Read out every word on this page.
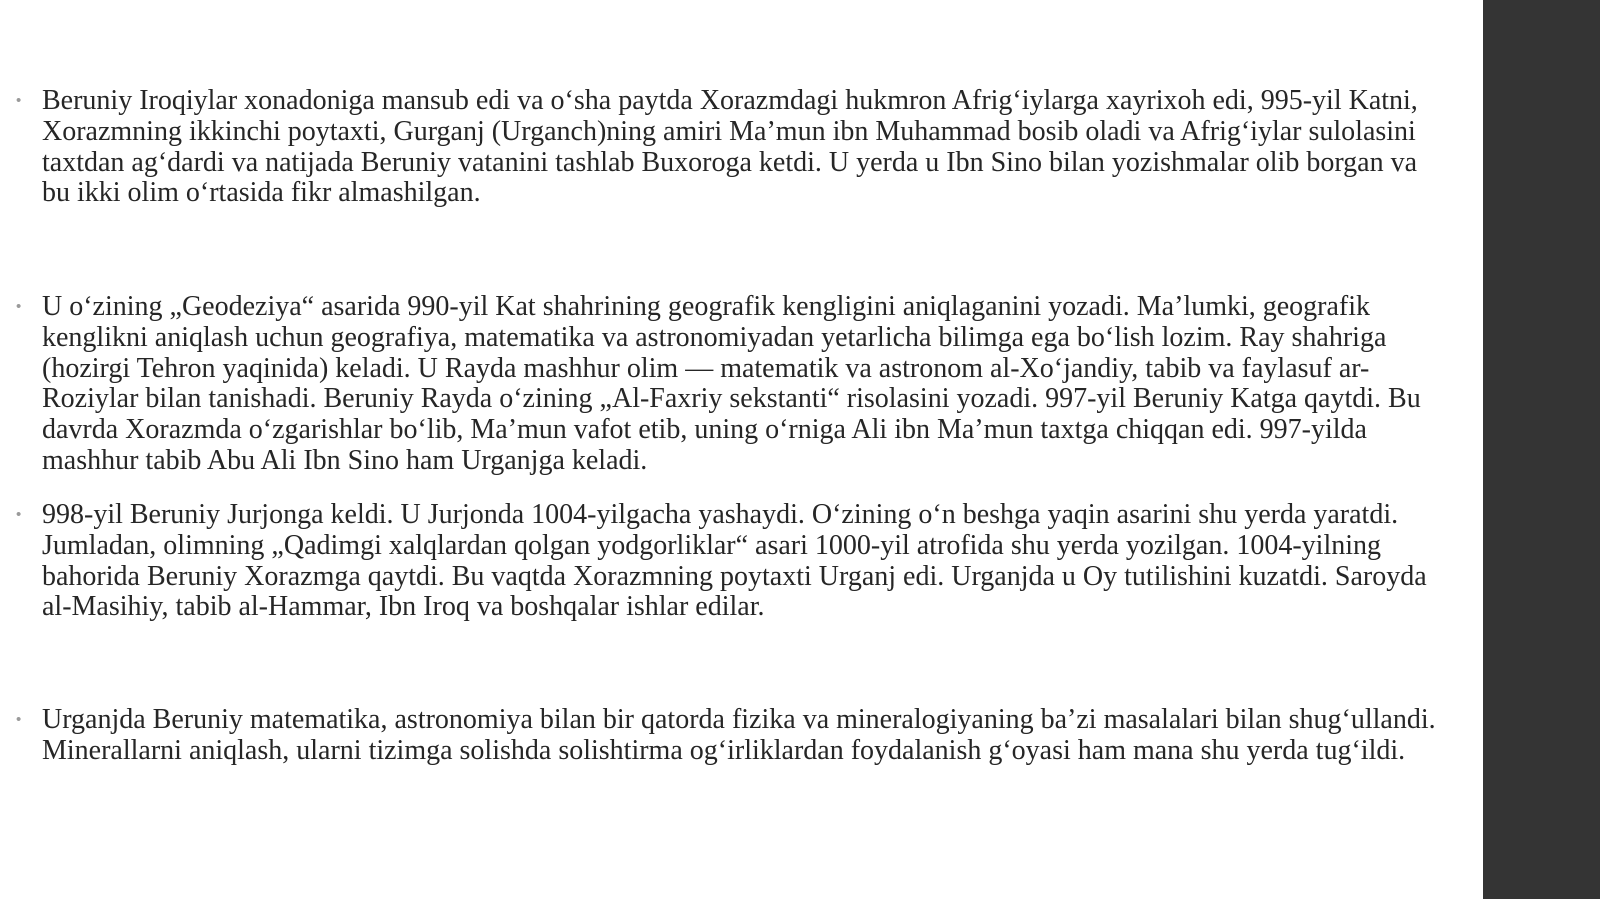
• Beruniy Iroqiylar xonadoniga mansub edi va o‘sha paytda Xorazmdagi hukmron Afrig‘iylarga xayrixoh edi, 995-yil Katni, Xorazmning ikkinchi poytaxti, Gurganj (Urganch)ning amiri Ma’mun ibn Muhammad bosib oladi va Afrig‘iylar sulolasini taxtdan ag‘dardi va natijada Beruniy vatanini tashlab Buxoroga ketdi. U yerda u Ibn Sino bilan yozishmalar olib borgan va bu ikki olim o‘rtasida fikr almashilgan.
• U o‘zining „Geodeziya“ asarida 990-yil Kat shahrining geografik kengligini aniqlaganini yozadi. Ma’lumki, geografik kenglikni aniqlash uchun geografiya, matematika va astronomiyadan yetarlicha bilimga ega bo‘lish lozim. Ray shahriga (hozirgi Tehron yaqinida) keladi. U Rayda mashhur olim — matematik va astronom al-Xo‘jandiy, tabib va faylasuf ar-Roziylar bilan tanishadi. Beruniy Rayda o‘zining „Al-Faxriy sekstanti“ risolasini yozadi. 997-yil Beruniy Katga qaytdi. Bu davrda Xorazmda o‘zgarishlar bo‘lib, Ma’mun vafot etib, uning o‘rniga Ali ibn Ma’mun taxtga chiqqan edi. 997-yilda mashhur tabib Abu Ali Ibn Sino ham Urganjga keladi.
• 998-yil Beruniy Jurjonga keldi. U Jurjonda 1004-yilgacha yashaydi. O‘zining o‘n beshga yaqin asarini shu yerda yaratdi. Jumladan, olimning „Qadimgi xalqlardan qolgan yodgorliklar“ asari 1000-yil atrofida shu yerda yozilgan. 1004-yilning bahorida Beruniy Xorazmga qaytdi. Bu vaqtda Xorazmning poytaxti Urganj edi. Urganjda u Oy tutilishini kuzatdi. Saroyda al-Masihiy, tabib al-Hammar, Ibn Iroq va boshqalar ishlar edilar.
• Urganjda Beruniy matematika, astronomiya bilan bir qatorda fizika va mineralogiyaning ba’zi masalalari bilan shug‘ullandi. Minerallarni aniqlash, ularni tizimga solishda solishtirma og‘irliklardan foydalanish g‘oyasi ham mana shu yerda tug‘ildi.
